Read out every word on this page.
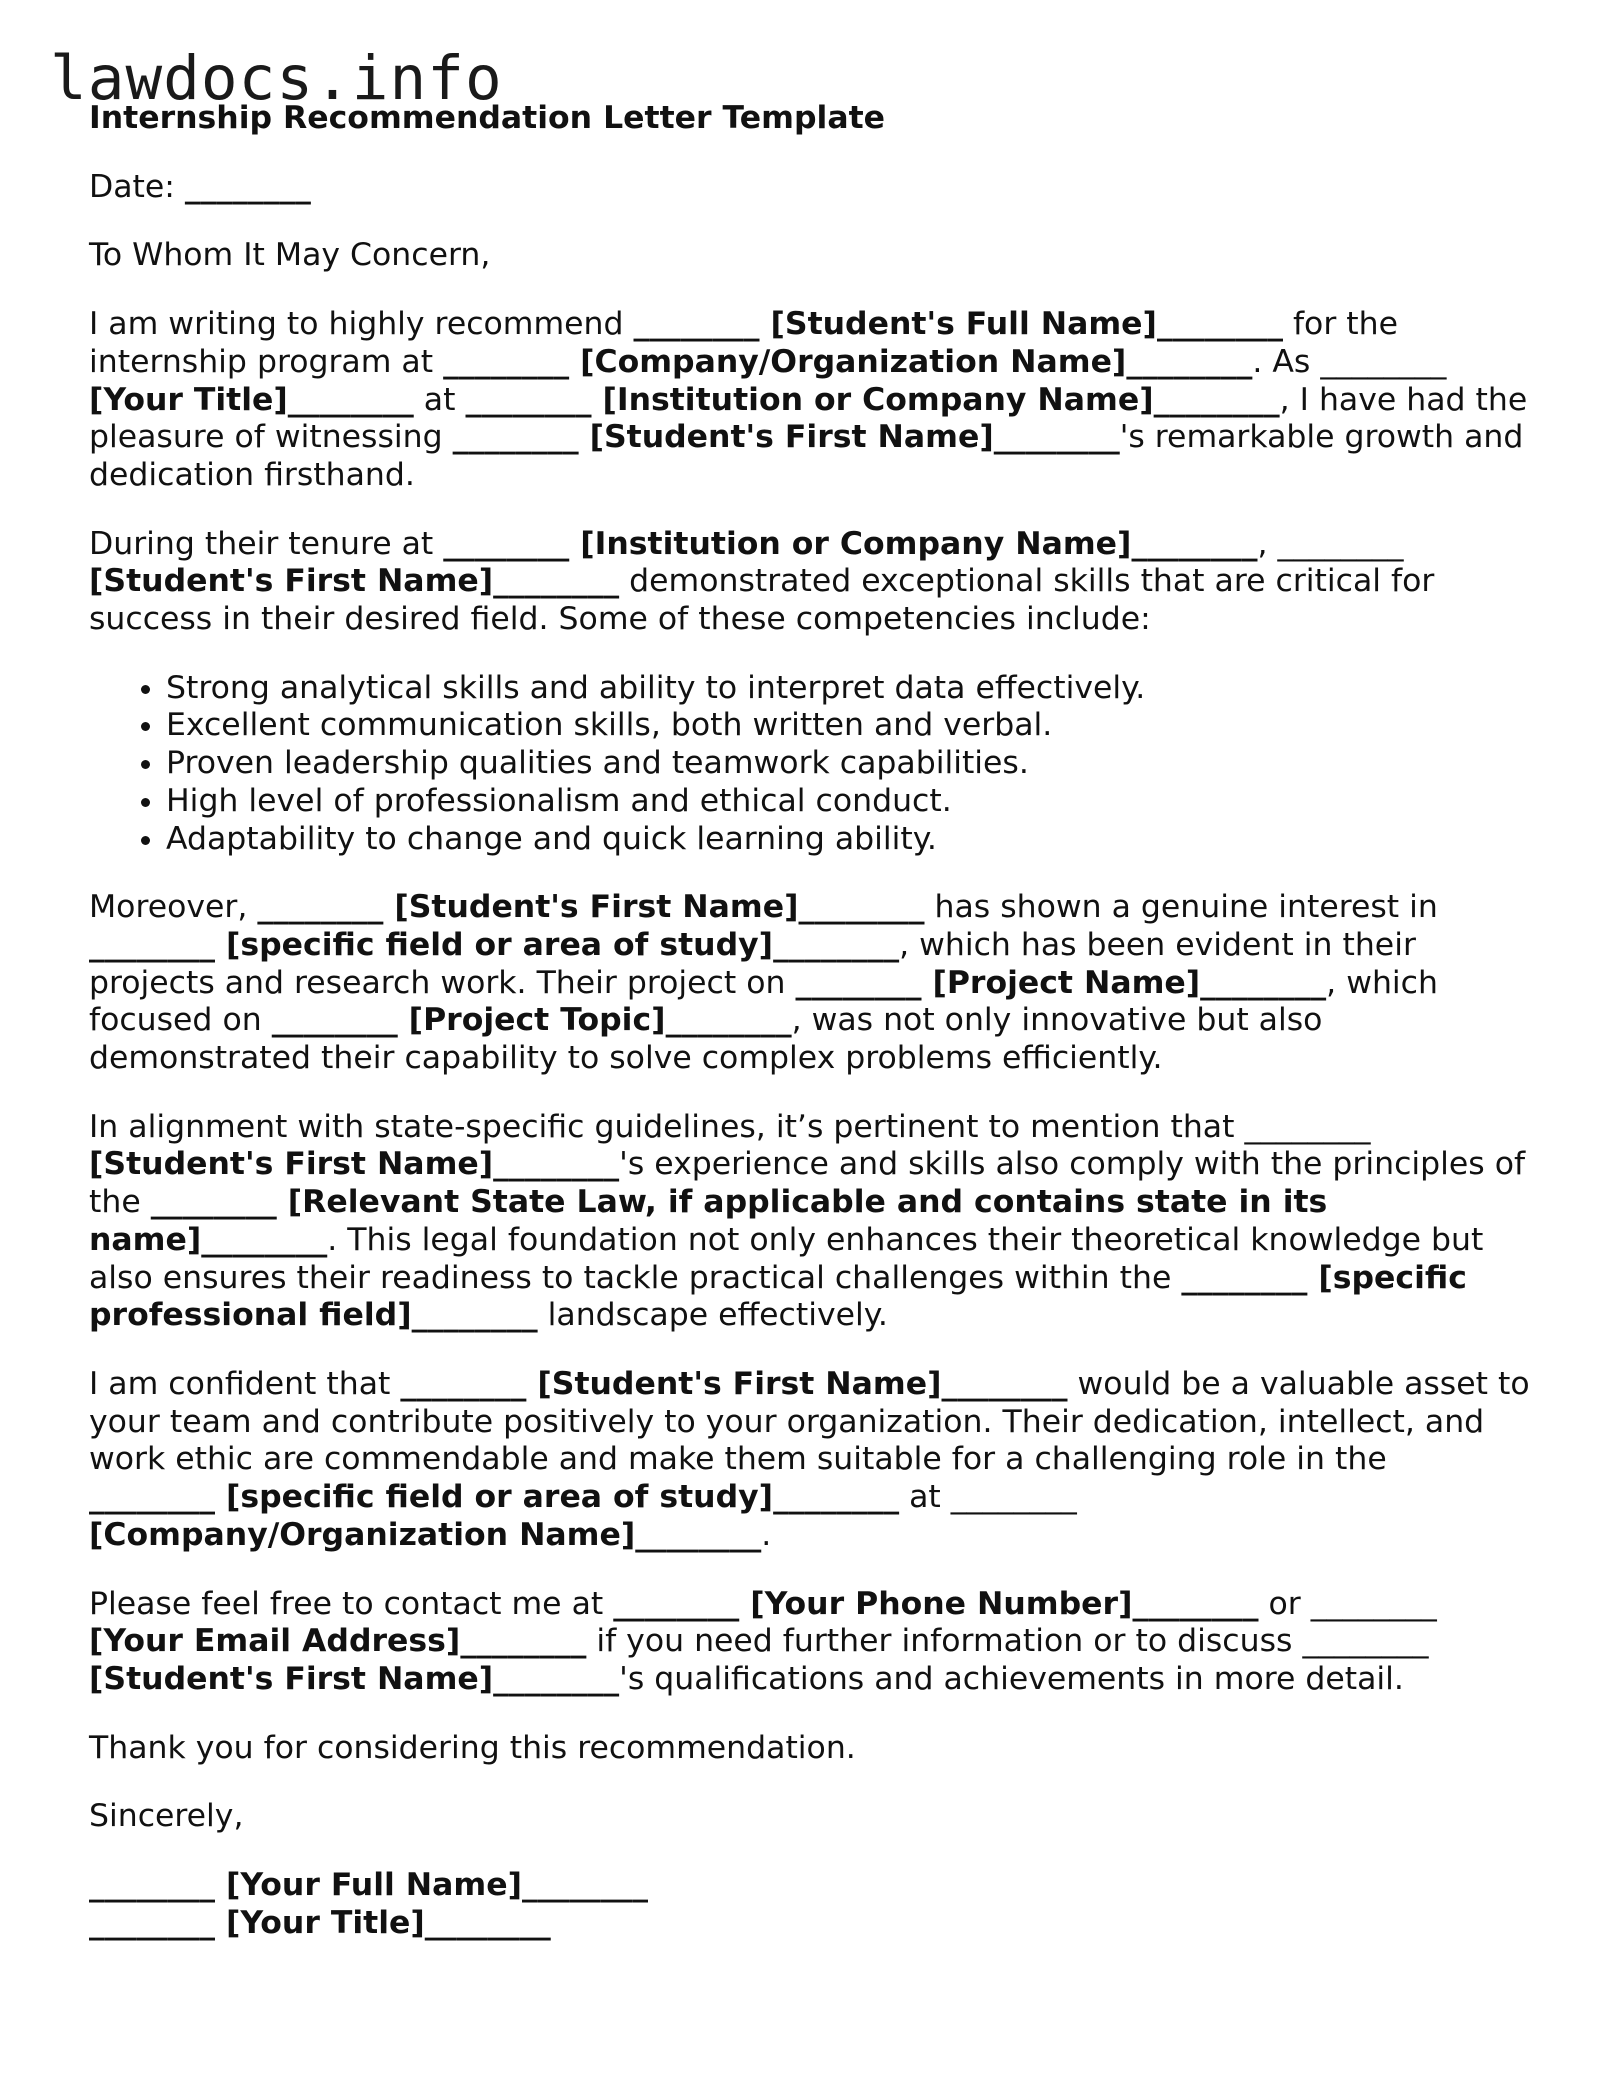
lawdocs.info
Internship Recommendation Letter Template

Date: ________

To Whom It May Concern,

I am writing to highly recommend ________ [Student's Full Name]________ for the internship program at ________ [Company/Organization Name]________. As ________
[Your Title]________ at ________ [Institution or Company Name]________, I have had the pleasure of witnessing ________ [Student's First Name]________'s remarkable growth and dedication firsthand.

During their tenure at ________ [Institution or Company Name]________, ________
[Student's First Name]________ demonstrated exceptional skills that are critical for success in their desired field. Some of these competencies include:

• Strong analytical skills and ability to interpret data effectively.
• Excellent communication skills, both written and verbal.
• Proven leadership qualities and teamwork capabilities.
• High level of professionalism and ethical conduct.
• Adaptability to change and quick learning ability.

Moreover, ________ [Student's First Name]________ has shown a genuine interest in
________ [specific field or area of study]________, which has been evident in their projects and research work. Their project on ________ [Project Name]________, which focused on ________ [Project Topic]________, was not only innovative but also demonstrated their capability to solve complex problems efficiently.

In alignment with state-specific guidelines, it’s pertinent to mention that ________
[Student's First Name]________'s experience and skills also comply with the principles of the ________ [Relevant State Law, if applicable and contains state in its name]________. This legal foundation not only enhances their theoretical knowledge but also ensures their readiness to tackle practical challenges within the ________ [specific professional field]________ landscape effectively.

I am confident that ________ [Student's First Name]________ would be a valuable asset to your team and contribute positively to your organization. Their dedication, intellect, and work ethic are commendable and make them suitable for a challenging role in the
________ [specific field or area of study]________ at ________
[Company/Organization Name]________.

Please feel free to contact me at ________ [Your Phone Number]________ or ________
[Your Email Address]________ if you need further information or to discuss ________
[Student's First Name]________'s qualifications and achievements in more detail.

Thank you for considering this recommendation.

Sincerely,

________ [Your Full Name]________
________ [Your Title]________
